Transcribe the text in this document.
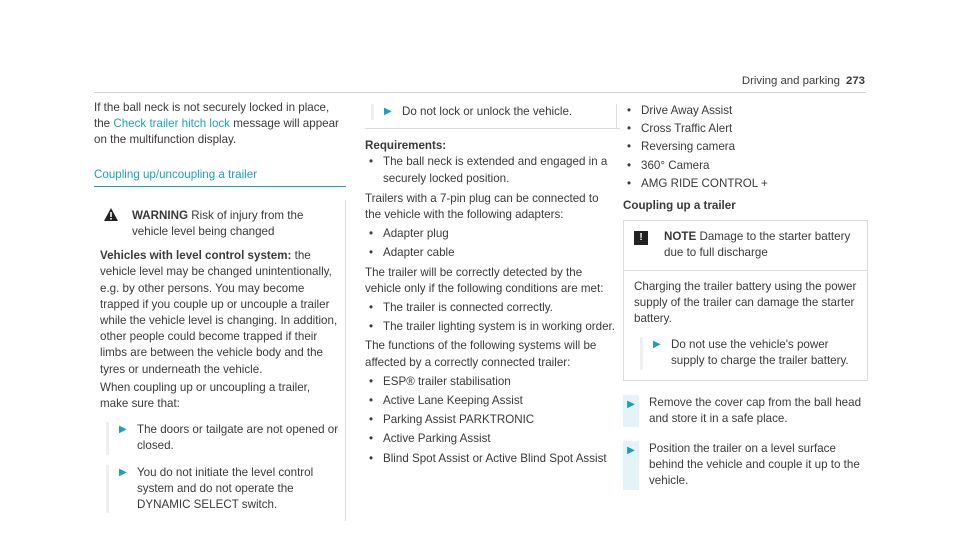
Driving and parking 273

If the ball neck is not securely locked in place, the Check trailer hitch lock message will appear on the multifunction display.

Coupling up/uncoupling a trailer
WARNING Risk of injury from the vehicle level being changed

Vehicles with level control system: the vehicle level may be changed unintentionally, e.g. by other persons. You may become trapped if you couple up or uncouple a trailer while the vehicle level is changing. In addition, other people could become trapped if their limbs are between the vehicle body and the tyres or underneath the vehicle.

When coupling up or uncoupling a trailer, make sure that:

▶ The doors or tailgate are not opened or closed.
▶ You do not initiate the level control system and do not operate the DYNAMIC SELECT switch.
▶ Do not lock or unlock the vehicle.

Requirements:

• The ball neck is extended and engaged in a securely locked position.

Trailers with a 7-pin plug can be connected to the vehicle with the following adapters:

• Adapter plug
• Adapter cable

The trailer will be correctly detected by the vehicle only if the following conditions are met:

• The trailer is connected correctly.
• The trailer lighting system is in working order.

The functions of the following systems will be affected by a correctly connected trailer:

• ESP® trailer stabilisation
• Active Lane Keeping Assist
• Parking Assist PARKTRONIC
• Active Parking Assist
• Blind Spot Assist or Active Blind Spot Assist
• Drive Away Assist
• Cross Traffic Alert
• Reversing camera
• 360° Camera
• AMG RIDE CONTROL +

Coupling up a trailer

!	NOTE Damage to the starter battery due to full discharge

Charging the trailer battery using the power supply of the trailer can damage the starter battery.

▶ Do not use the vehicle's power supply to charge the trailer battery.
▶	Remove the cover cap from the ball head and store it in a safe place.
▶	Position the trailer on a level surface behind the vehicle and couple it up to the vehicle.
